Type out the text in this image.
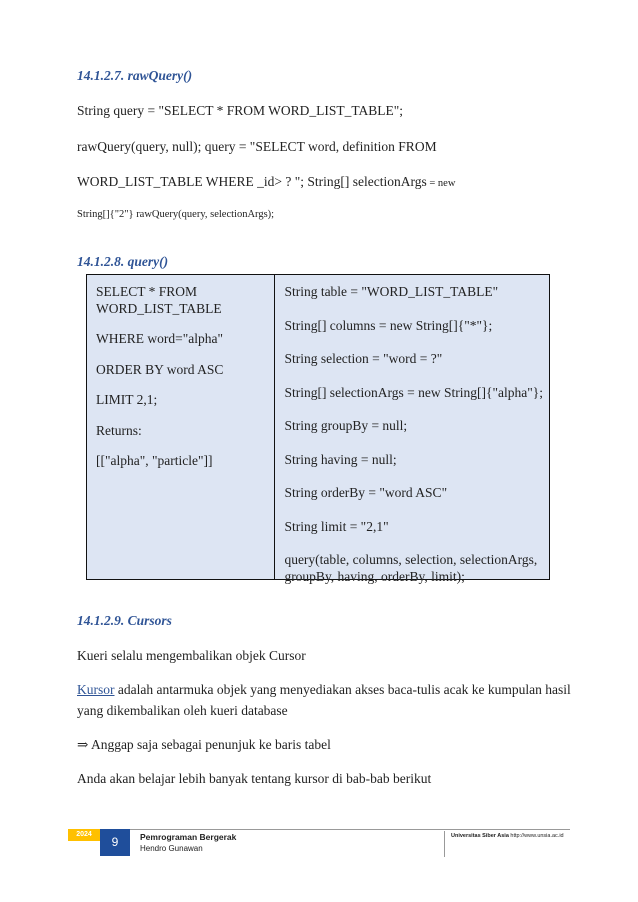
14.1.2.7. rawQuery()
String query = "SELECT * FROM WORD_LIST_TABLE";
rawQuery(query, null); query = "SELECT word, definition FROM
WORD_LIST_TABLE WHERE _id> ? "; String[] selectionArgs = new
String[]{"2"} rawQuery(query, selectionArgs);
14.1.2.8. query()
SELECT * FROM
WORD_LIST_TABLE
WHERE word="alpha"
ORDER BY word ASC
LIMIT 2,1;
Returns:
[["alpha", "particle"]]
String table = "WORD_LIST_TABLE"
String[] columns = new String[]{"*"};
String selection = "word = ?"
String[] selectionArgs = new String[]{"alpha"};
String groupBy = null;
String having = null;
String orderBy = "word ASC"
String limit = "2,1"
query(table, columns, selection, selectionArgs,
groupBy, having, orderBy, limit);
14.1.2.9. Cursors
Kueri selalu mengembalikan objek Cursor
Kursor adalah antarmuka objek yang menyediakan akses baca-tulis acak ke kumpulan hasil
yang dikembalikan oleh kueri database
⇒ Anggap saja sebagai penunjuk ke baris tabel
Anda akan belajar lebih banyak tentang kursor di bab-bab berikut
2024
9	Pemrograman Bergerak
Hendro Gunawan
Universitas Siber Asia http://www.unsia.ac.id
